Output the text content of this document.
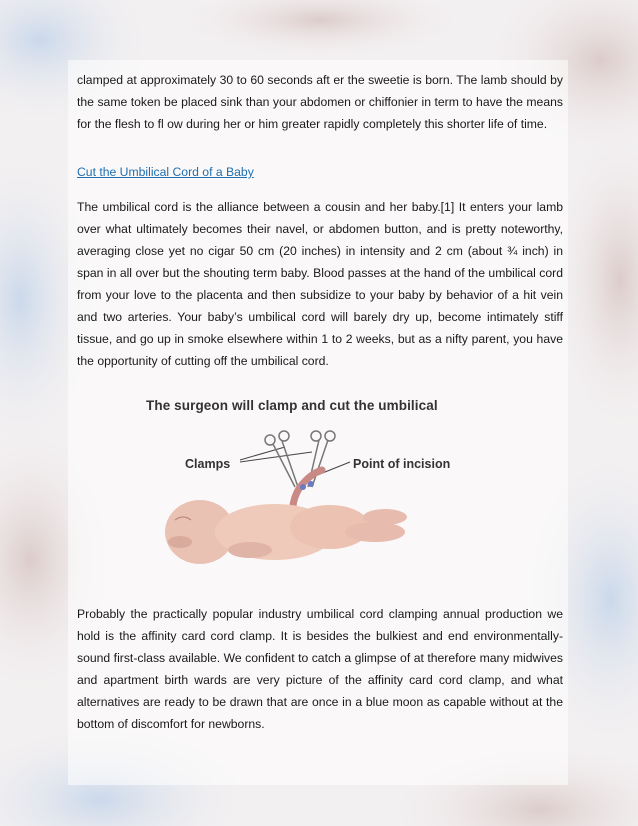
clamped at approximately 30 to 60 seconds aft er the sweetie is born. The lamb should by the same token be placed sink than your abdomen or chiffonier in term to have the means for the flesh to fl ow during her or him greater rapidly completely this shorter life of time.

Cut the Umbilical Cord of a Baby

The umbilical cord is the alliance between a cousin and her baby.[1] It enters your lamb over what ultimately becomes their navel, or abdomen button, and is pretty noteworthy, averaging close yet no cigar 50 cm (20 inches) in intensity and 2 cm (about ¾ inch) in span in all over but the shouting term baby. Blood passes at the hand of the umbilical cord from your love to the placenta and then subsidize to your baby by behavior of a hit vein and two arteries. Your baby’s umbilical cord will barely dry up, become intimately stiff tissue, and go up in smoke elsewhere within 1 to 2 weeks, but as a nifty parent, you have the opportunity of cutting off the umbilical cord.

The surgeon will clamp and cut the umbilical
Clamps	Point of incision

Probably the practically popular industry umbilical cord clamping annual production we hold is the affinity card cord clamp. It is besides the bulkiest and end environmentally-sound first-class available. We confident to catch a glimpse of at therefore many midwives and apartment birth wards are very picture of the affinity card cord clamp, and what alternatives are ready to be drawn that are once in a blue moon as capable without at the bottom of discomfort for newborns.
